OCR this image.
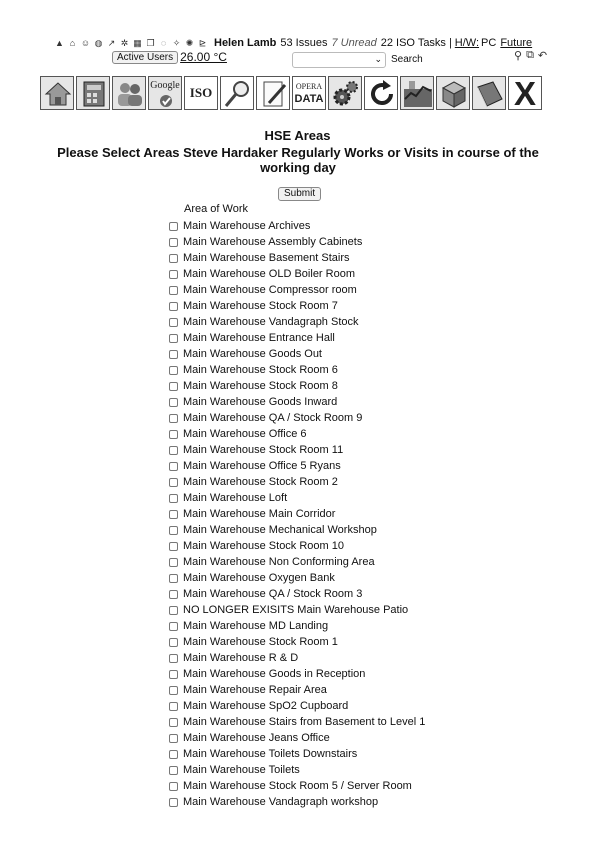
▲ ⌂ ☺ ◍ ↗ ✲ ▦ ❐ ◌ ✧ ✺ ⊵ Helen Lamb 53 Issues 7 Unread 22 ISO Tasks | H/W: PC Future
Active Users 26.00 °C	⌄ Search	⚲ ⧉ ↶
Google ISO	OPERA
DATA	X
HSE Areas
Please Select Areas Steve Hardaker Regularly Works or Visits in course of the working day
Submit
Area of Work
Main Warehouse Archives
Main Warehouse Assembly Cabinets
Main Warehouse Basement Stairs
Main Warehouse OLD Boiler Room
Main Warehouse Compressor room
Main Warehouse Stock Room 7
Main Warehouse Vandagraph Stock
Main Warehouse Entrance Hall
Main Warehouse Goods Out
Main Warehouse Stock Room 6
Main Warehouse Stock Room 8
Main Warehouse Goods Inward
Main Warehouse QA / Stock Room 9
Main Warehouse Office 6
Main Warehouse Stock Room 11
Main Warehouse Office 5 Ryans
Main Warehouse Stock Room 2
Main Warehouse Loft
Main Warehouse Main Corridor
Main Warehouse Mechanical Workshop
Main Warehouse Stock Room 10
Main Warehouse Non Conforming Area
Main Warehouse Oxygen Bank
Main Warehouse QA / Stock Room 3
NO LONGER EXISITS Main Warehouse Patio
Main Warehouse MD Landing
Main Warehouse Stock Room 1
Main Warehouse R & D
Main Warehouse Goods in Reception
Main Warehouse Repair Area
Main Warehouse SpO2 Cupboard
Main Warehouse Stairs from Basement to Level 1
Main Warehouse Jeans Office
Main Warehouse Toilets Downstairs
Main Warehouse Toilets
Main Warehouse Stock Room 5 / Server Room
Main Warehouse Vandagraph workshop
